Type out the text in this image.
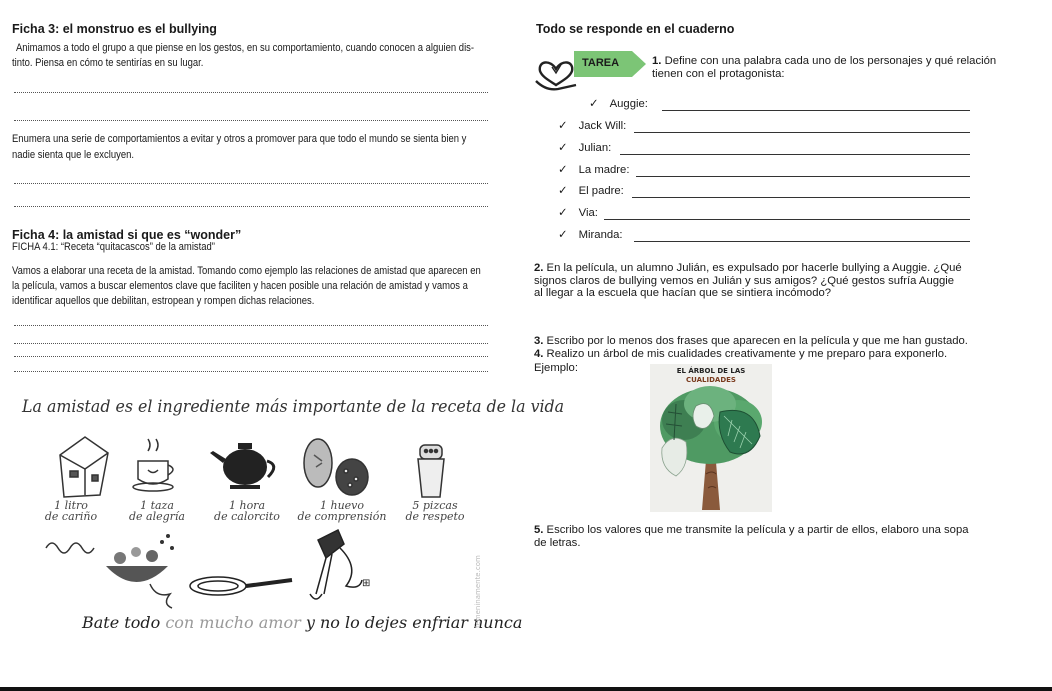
Ficha 3: el monstruo es el bullying
Animamos a todo el grupo a que piense en los gestos, en su comportamiento, cuando conocen a alguien dis-
tinto. Piensa en cómo te sentirías en su lugar.
Enumera una serie de comportamientos a evitar y otros a promover para que todo el mundo se sienta bien y
nadie sienta que le excluyen.
Ficha 4: la amistad si que es “wonder”
FICHA 4.1: “Receta “quitacascos” de la amistad”
Vamos a elaborar una receta de la amistad. Tomando como ejemplo las relaciones de amistad que aparecen en
la película, vamos a buscar elementos clave que faciliten y hacen posible una relación de amistad y vamos a
identificar aquellos que debilitan, estropean y rompen dichas relaciones.
La amistad es el ingrediente más importante de la receta de la vida
1 litro
de cariño
1 taza
de alegría
1 hora
de calorcito
1 huevo
de comprensión
5 pizcas
de respeto
⊞
Bate todo con mucho amor y no lo dejes enfriar nunca
femeninamente.com
Todo se responde en el cuaderno
TAREA	1. Define con una palabra cada uno de los personajes y qué relación tienen con el protagonista:
✓ Auggie:
✓ Jack Will:
✓ Julian:
✓ La madre:
✓ El padre:
✓ Via:
✓ Miranda:
2. En la película, un alumno Julián, es expulsado por hacerle bullying a Auggie. ¿Qué
signos claros de bullying vemos en Julián y sus amigos? ¿Qué gestos sufría Auggie
al llegar a la escuela que hacían que se sintiera incómodo?
3. Escribo por lo menos dos frases que aparecen en la película y que me han gustado.
4. Realizo un árbol de mis cualidades creativamente y me preparo para exponerlo.
Ejemplo:	EL ÁRBOL DE LAS
CUALIDADES
5. Escribo los valores que me transmite la película y a partir de ellos, elaboro una sopa
de letras.
